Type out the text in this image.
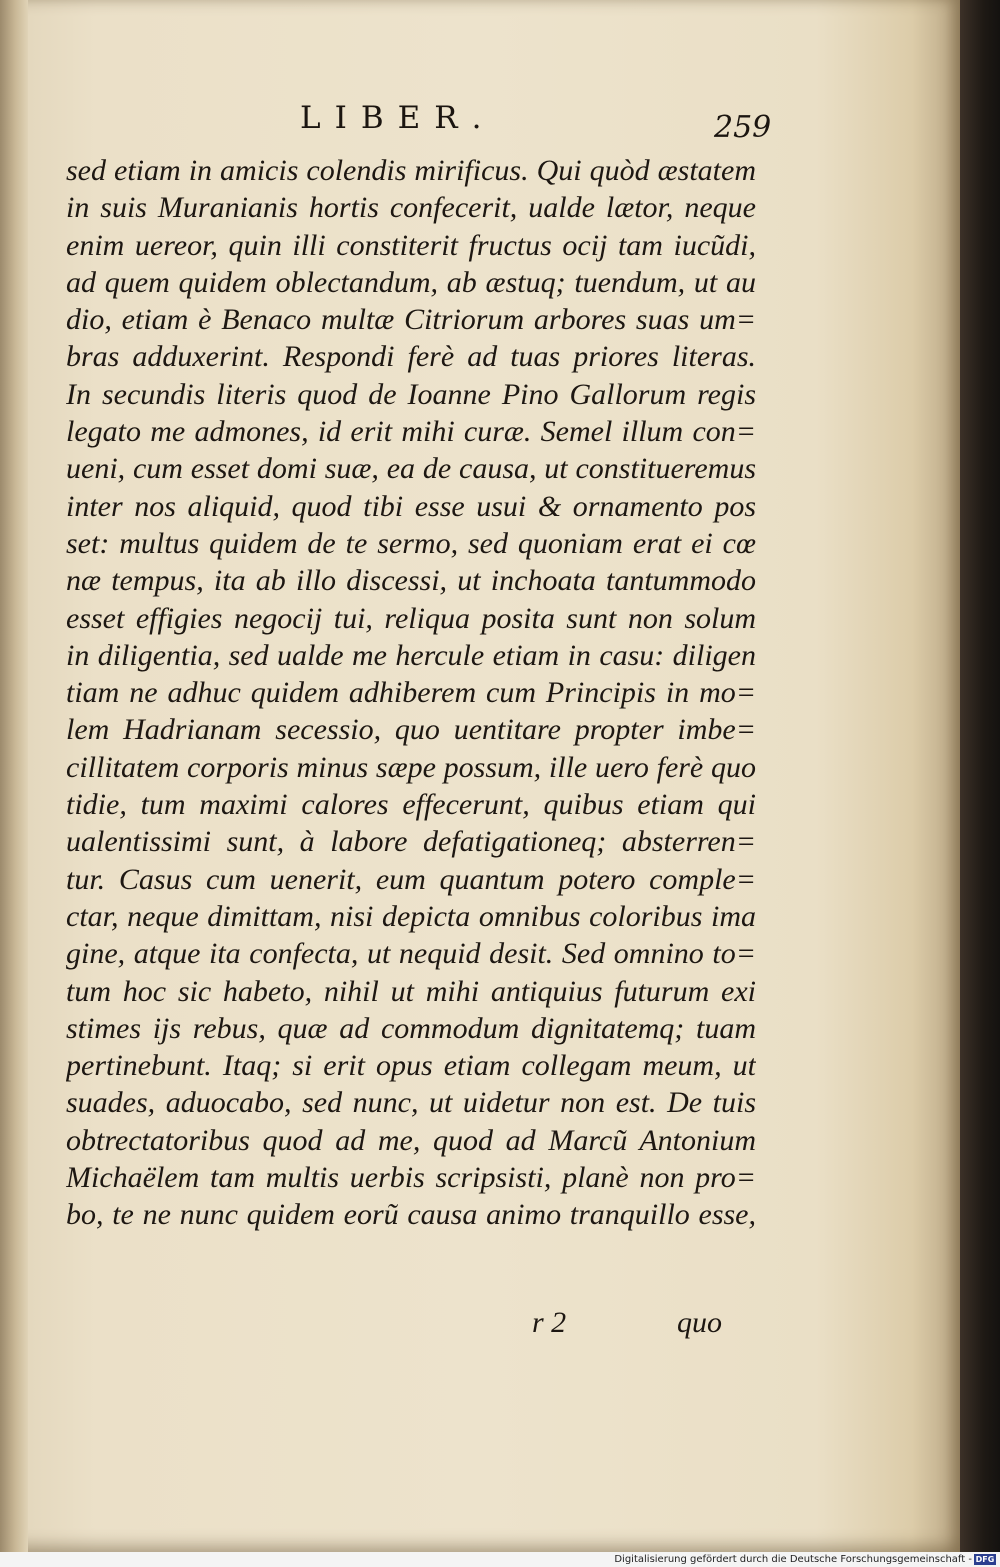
LIBER.	259
sed etiam in amicis colendis mirificus. Qui quòd æstatem
in suis Muranianis hortis confecerit, ualde lætor, neque
enim uereor, quin illi constiterit fructus ocij tam iucũdi,
ad quem quidem oblectandum, ab æstuq; tuendum, ut au
dio, etiam è Benaco multæ Citriorum arbores suas um=
bras adduxerint. Respondi ferè ad tuas priores literas.
In secundis literis quod de Ioanne Pino Gallorum regis
legato me admones, id erit mihi curæ. Semel illum con=
ueni, cum esset domi suæ, ea de causa, ut constitueremus
inter nos aliquid, quod tibi esse usui & ornamento pos
set: multus quidem de te sermo, sed quoniam erat ei cœ
næ tempus, ita ab illo discessi, ut inchoata tantummodo
esset effigies negocij tui, reliqua posita sunt non solum
in diligentia, sed ualde me hercule etiam in casu: diligen
tiam ne adhuc quidem adhiberem cum Principis in mo=
lem Hadrianam secessio, quo uentitare propter imbe=
cillitatem corporis minus sæpe possum, ille uero ferè quo
tidie, tum maximi calores effecerunt, quibus etiam qui
ualentissimi sunt, à labore defatigationeq; absterren=
tur. Casus cum uenerit, eum quantum potero comple=
ctar, neque dimittam, nisi depicta omnibus coloribus ima
gine, atque ita confecta, ut nequid desit. Sed omnino to=
tum hoc sic habeto, nihil ut mihi antiquius futurum exi
stimes ijs rebus, quæ ad commodum dignitatemq; tuam
pertinebunt. Itaq; si erit opus etiam collegam meum, ut
suades, aduocabo, sed nunc, ut uidetur non est. De tuis
obtrectatoribus quod ad me, quod ad Marcũ Antonium
Michaëlem tam multis uerbis scripsisti, planè non pro=
bo, te ne nunc quidem eorũ causa animo tranquillo esse,
r 2	quo
Digitalisierung gefördert durch die Deutsche Forschungsgemeinschaft - DFG
